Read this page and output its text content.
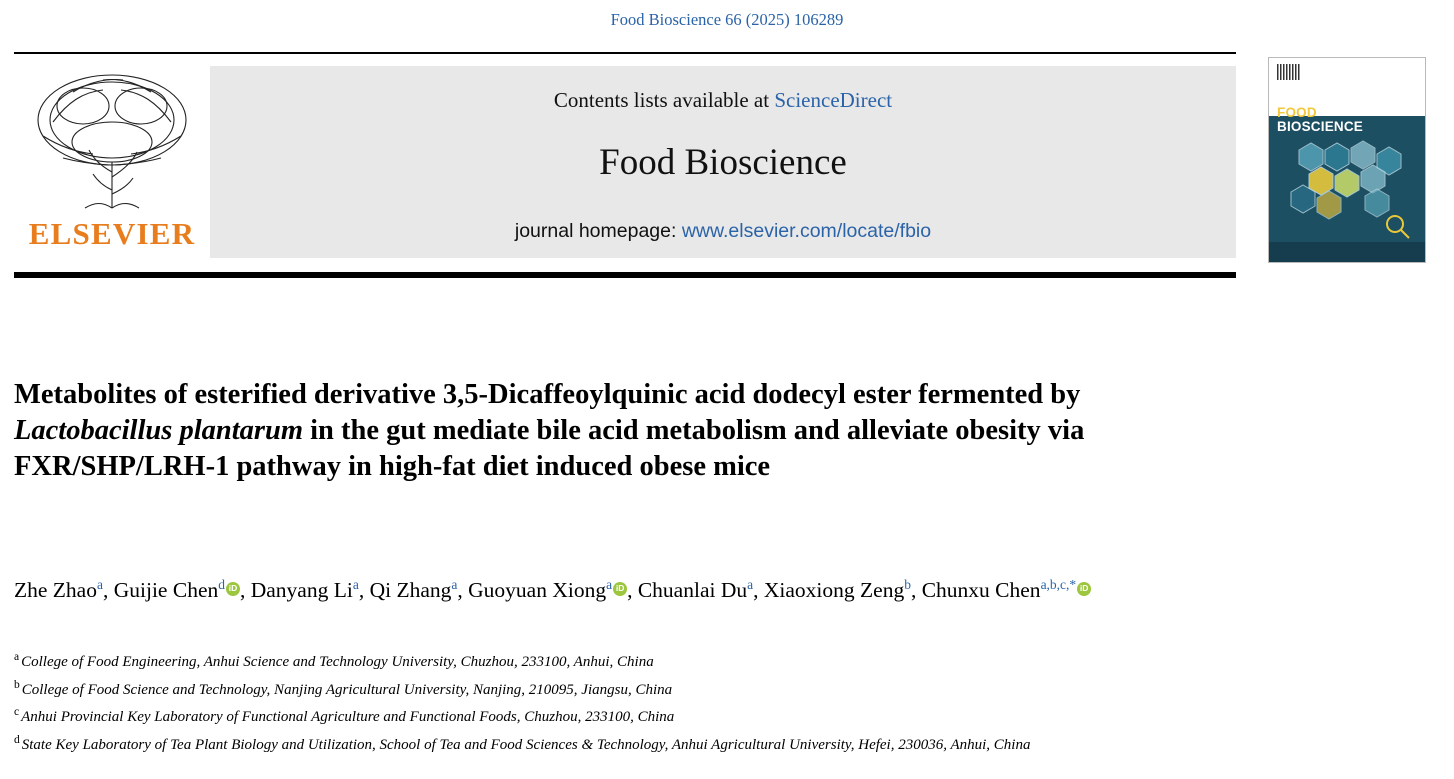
Food Bioscience 66 (2025) 106289
ELSEVIER
Contents lists available at ScienceDirect
Food Bioscience
journal homepage: www.elsevier.com/locate/fbio
FOOD
BIOSCIENCE
Metabolites of esterified derivative 3,5-Dicaffeoylquinic acid dodecyl ester fermented by Lactobacillus plantarum in the gut mediate bile acid metabolism and alleviate obesity via FXR/SHP/LRH-1 pathway in high-fat diet induced obese mice
Zhe Zhao$^a$, Guijie Chen$^d$ iD , Danyang Li$^a$, Qi Zhang$^a$, Guoyuan Xiong$^a$ iD , Chuanlai Du$^a$, Xiaoxiong Zeng$^b$, Chunxu Chen$^{a,b,c,*}$iD
$^a$ College of Food Engineering, Anhui Science and Technology University, Chuzhou, 233100, Anhui, China
$^b$ College of Food Science and Technology, Nanjing Agricultural University, Nanjing, 210095, Jiangsu, China
$^c$ Anhui Provincial Key Laboratory of Functional Agriculture and Functional Foods, Chuzhou, 233100, China
$^d$ State Key Laboratory of Tea Plant Biology and Utilization, School of Tea and Food Sciences & Technology, Anhui Agricultural University, Hefei, 230036, Anhui, China
